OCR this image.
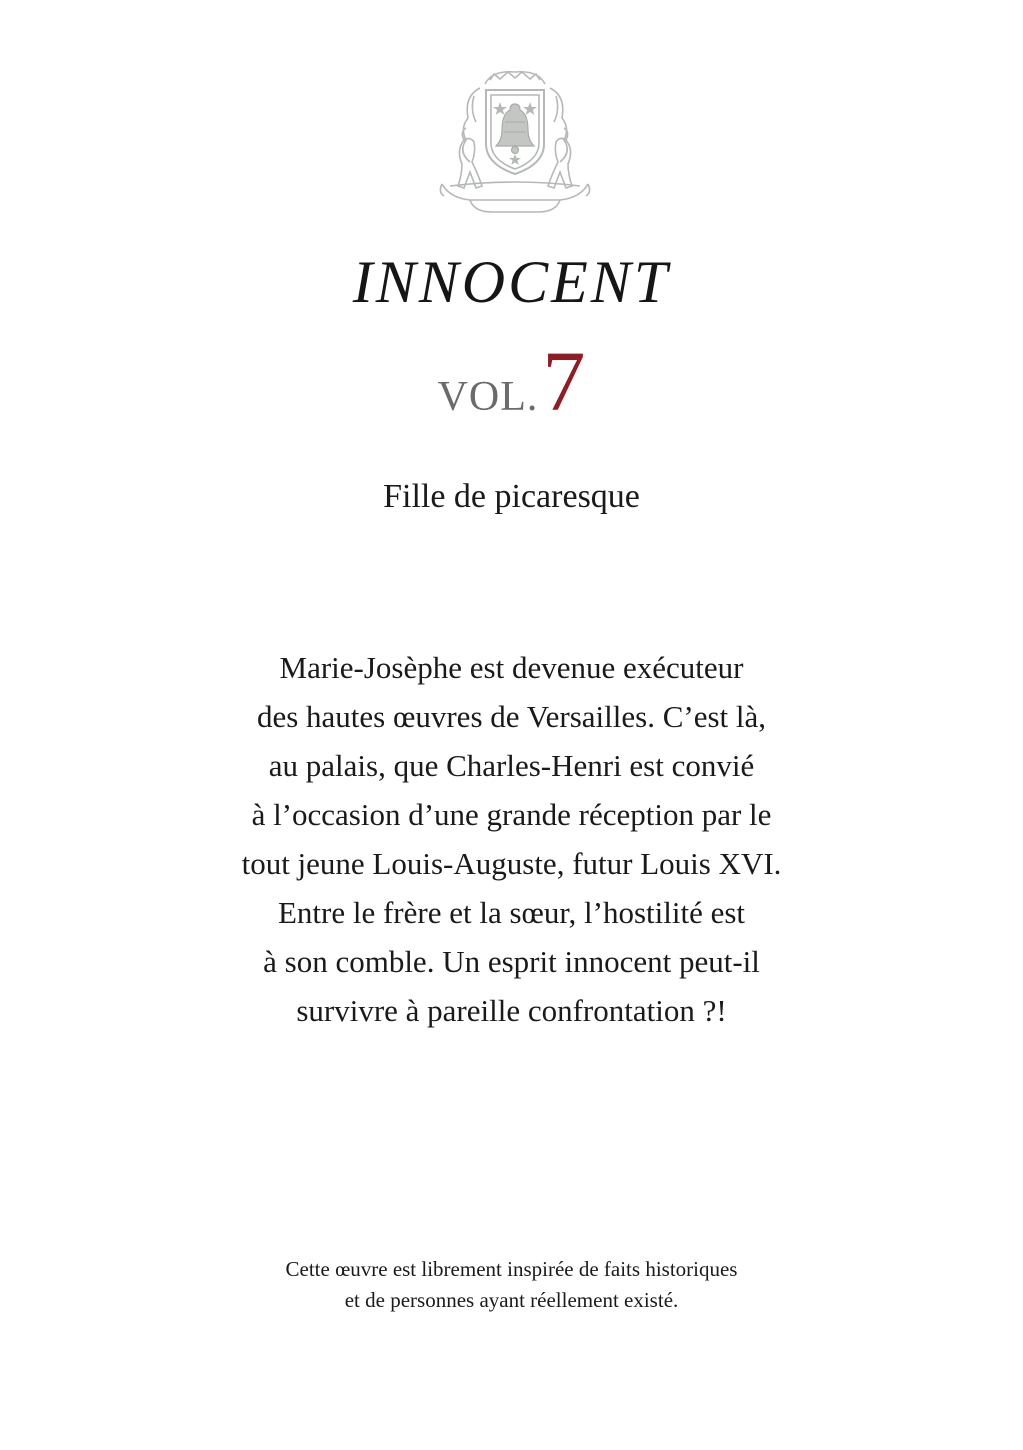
INNOCENT
VOL.7
Fille de picaresque
Marie-Josèphe est devenue exécuteur
des hautes œuvres de Versailles. C’est là,
au palais, que Charles-Henri est convié
à l’occasion d’une grande réception par le
tout jeune Louis-Auguste, futur Louis XVI.
Entre le frère et la sœur, l’hostilité est
à son comble. Un esprit innocent peut-il
survivre à pareille confrontation ?!
Cette œuvre est librement inspirée de faits historiques
et de personnes ayant réellement existé.
